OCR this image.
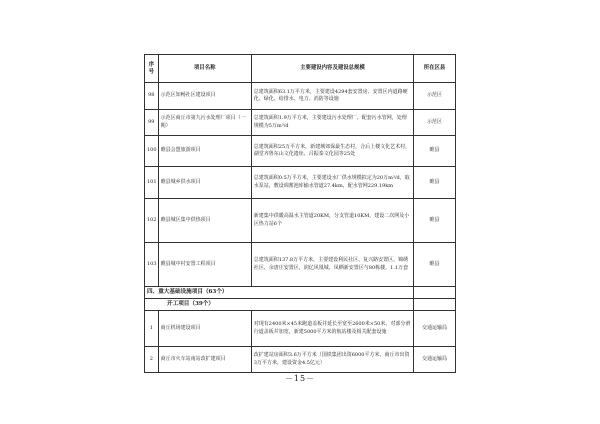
序号	项目名称	主要建设内容及建设总规模	所在区县
98	示范区知畅社区建设项目	总建筑面积63.1万平方米，主要建设4294套安置房、安置区内道路硬化、绿化、给排水、电力、消防等设施	示范区
99	示范区商丘市第九污水处理厂项目（一期）	总建筑面积1.9万平方米，主要建设污水处理厂、配套污水管网，处理规模为5万m³/d	示范区
100	睢县会盟旅游项目	总建筑面积25万平方米，新建城郊保最生态村，合后上楼文化艺术村，湖堂齐鲁东山文化遗址、吕振泰文化园等25处	睢县
101	睢县城乡供水项目	总建筑面积0.5万平方米，主要建设水厂供水规模拟定为20万m³/d，取水泵站，敷设调蓄池库输水管道27.4km，配水管网229.19km	睢县
102	睢县城区集中供热项目	新建集中供暖高温水主管道20KM，分支管道10KM，建设二次网及小区热力站6个	睢县
103	睢县城中村安置工程项目	总建筑面积137.8万平方米，主要建设利民社区、复兴路安置区、锦绣社区、余唐庄安置区，润亿风凰城、凤栖新安置区与80栋楼，1.1万套	睢县
四、重大基础设施项目（63个）			
开工项目（39个）			
1	商丘机场建设项目	对现有2400米×45米跑道盖板并延长至宽至2600米×50米，对部分滑行道盖板并加宽，新建5000平方米的航站楼及相关配套设施	交通运输局
2	商丘市火车站南站改扩建项目	改扩建站房面积3.6万平方米（国铁集团出资6000平方米，商丘市出资3万平方米，建设资金4.5亿元）	交通运输局
－15－
